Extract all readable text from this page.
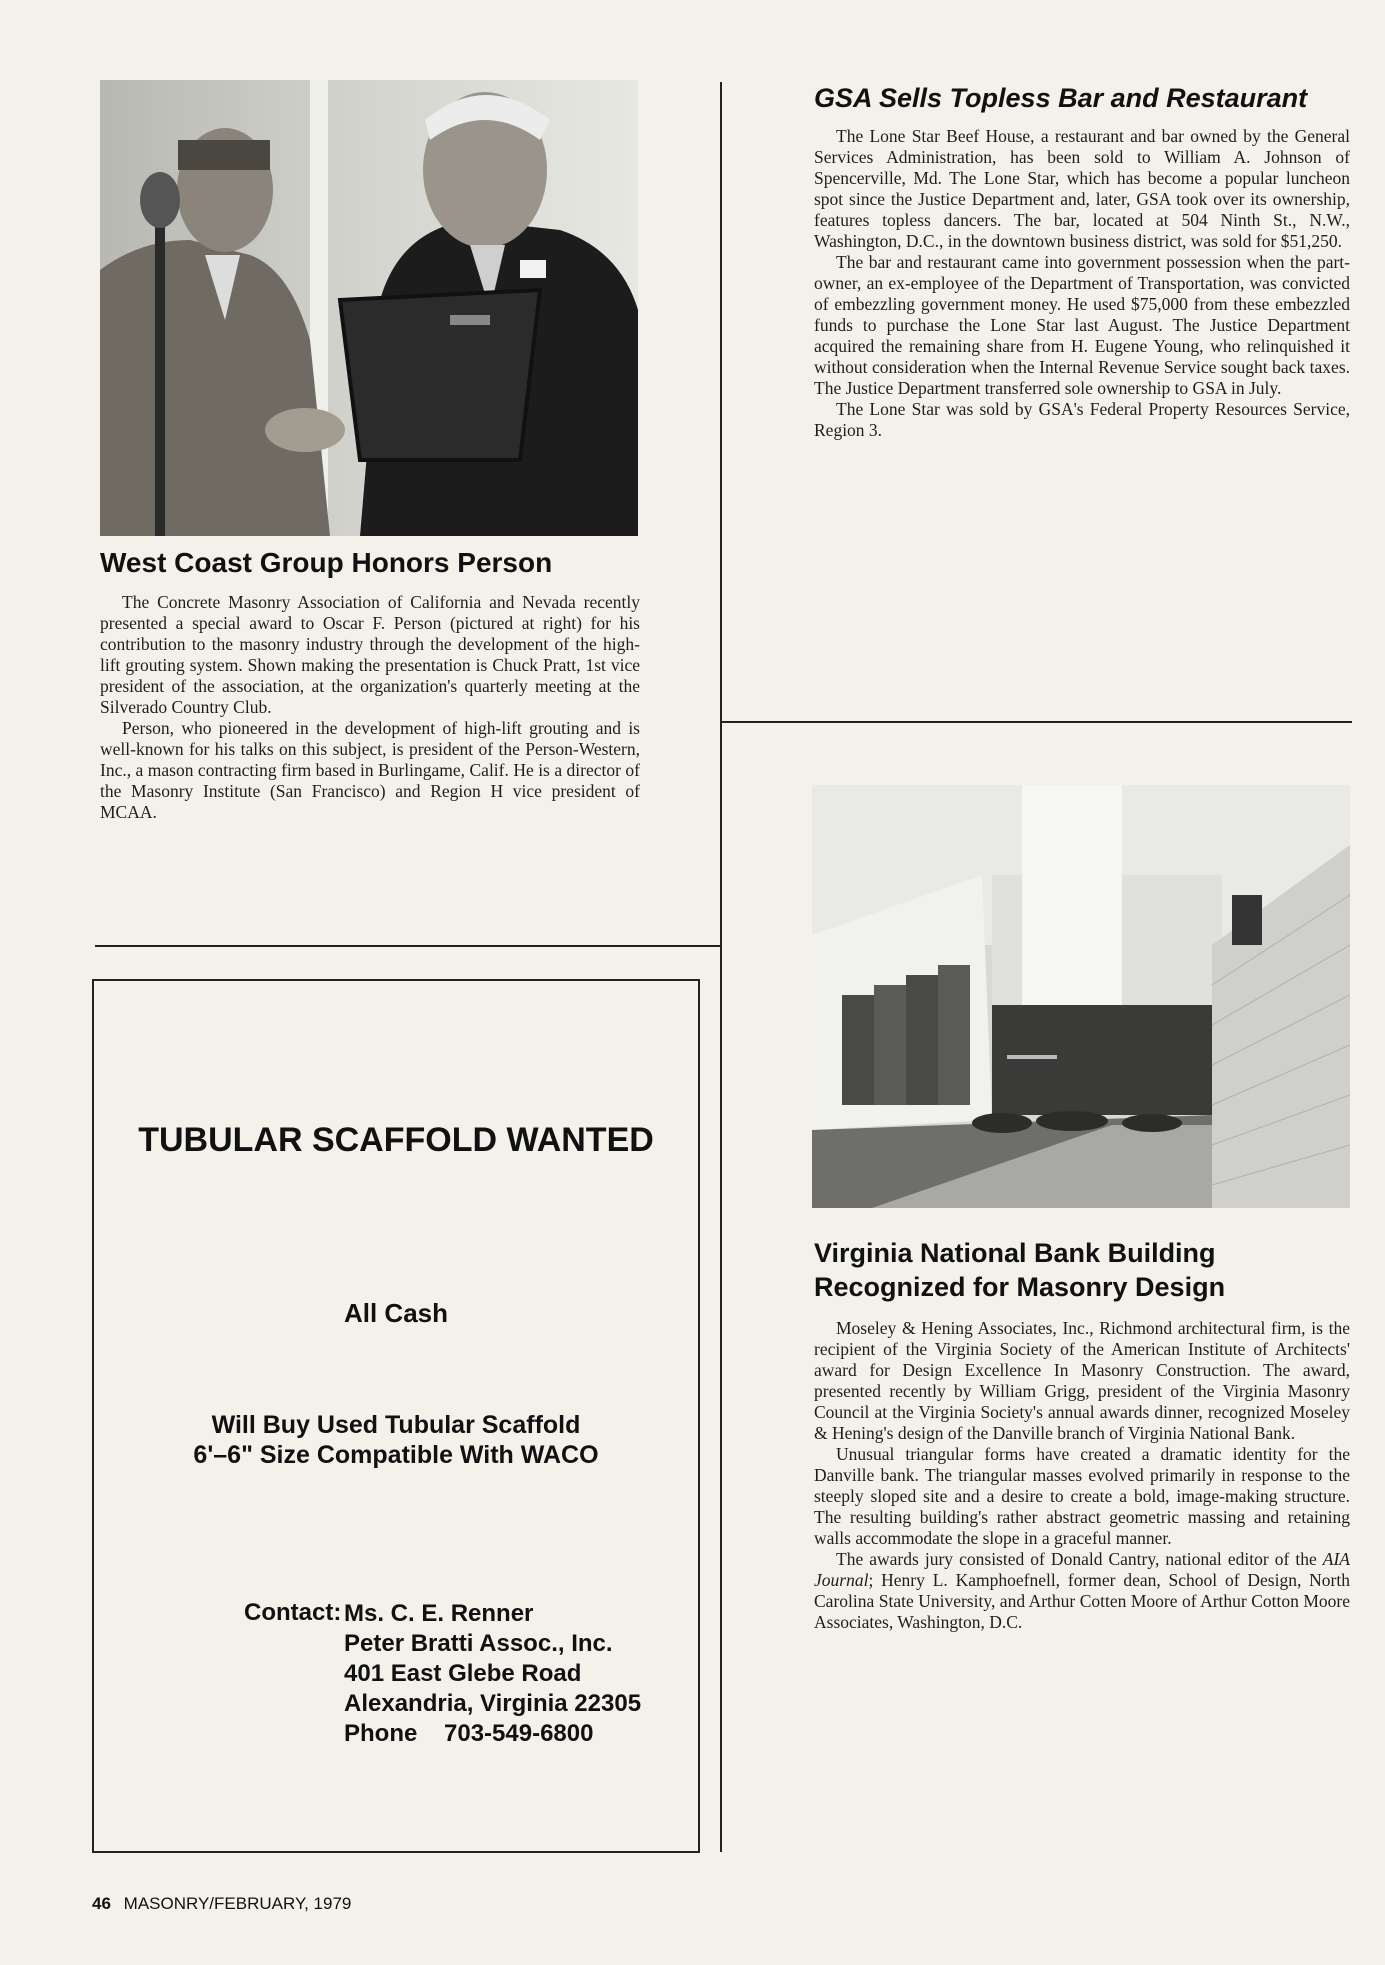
West Coast Group Honors Person

The Concrete Masonry Association of California and Nevada recently presented a special award to Oscar F. Person (pictured at right) for his contribution to the masonry industry through the development of the high-lift grouting system. Shown making the presentation is Chuck Pratt, 1st vice president of the association, at the organization's quarterly meeting at the Silverado Country Club.

Person, who pioneered in the development of high-lift grouting and is well-known for his talks on this subject, is president of the Person-Western, Inc., a mason contracting firm based in Burlingame, Calif. He is a director of the Masonry Institute (San Francisco) and Region H vice president of MCAA.

TUBULAR SCAFFOLD WANTED
All Cash
Will Buy Used Tubular Scaffold
6'–6" Size Compatible With WACO
Contact: Ms. C. E. Renner
Peter Bratti Assoc., Inc.
401 East Glebe Road
Alexandria, Virginia 22305
Phone 703-549-6800
GSA Sells Topless Bar and Restaurant

The Lone Star Beef House, a restaurant and bar owned by the General Services Administration, has been sold to William A. Johnson of Spencerville, Md. The Lone Star, which has become a popular luncheon spot since the Justice Department and, later, GSA took over its ownership, features topless dancers. The bar, located at 504 Ninth St., N.W., Washington, D.C., in the downtown business district, was sold for $51,250.

The bar and restaurant came into government possession when the part-owner, an ex-employee of the Department of Transportation, was convicted of embezzling government money. He used $75,000 from these embezzled funds to purchase the Lone Star last August. The Justice Department acquired the remaining share from H. Eugene Young, who relinquished it without consideration when the Internal Revenue Service sought back taxes. The Justice Department transferred sole ownership to GSA in July.

The Lone Star was sold by GSA's Federal Property Resources Service, Region 3.

Virginia National Bank Building
Recognized for Masonry Design

Moseley & Hening Associates, Inc., Richmond architectural firm, is the recipient of the Virginia Society of the American Institute of Architects' award for Design Excellence In Masonry Construction. The award, presented recently by William Grigg, president of the Virginia Masonry Council at the Virginia Society's annual awards dinner, recognized Moseley & Hening's design of the Danville branch of Virginia National Bank.

Unusual triangular forms have created a dramatic identity for the Danville bank. The triangular masses evolved primarily in response to the steeply sloped site and a desire to create a bold, image-making structure. The resulting building's rather abstract geometric massing and retaining walls accommodate the slope in a graceful manner.

The awards jury consisted of Donald Cantry, national editor of the AIA Journal; Henry L. Kamphoefnell, former dean, School of Design, North Carolina State University, and Arthur Cotten Moore of Arthur Cotton Moore Associates, Washington, D.C.

46 MASONRY/FEBRUARY, 1979
